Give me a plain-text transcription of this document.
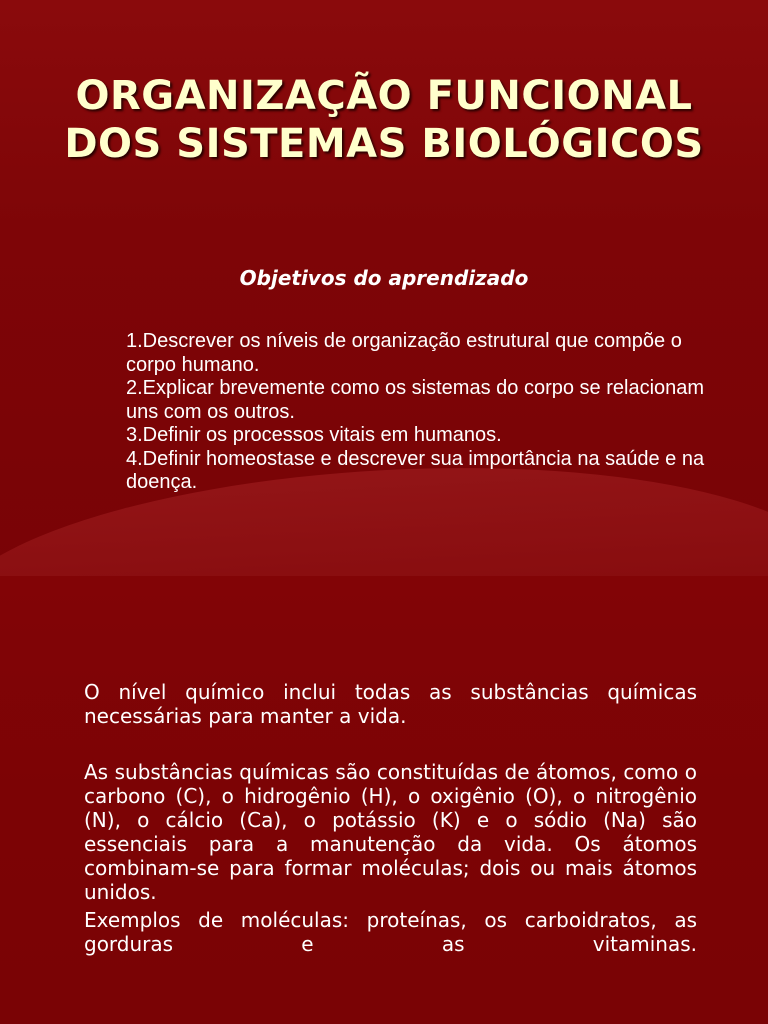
ORGANIZAÇÃO FUNCIONAL DOS SISTEMAS BIOLÓGICOS
Objetivos do aprendizado
1.Descrever os níveis de organização estrutural que compõe o corpo humano.
2.Explicar brevemente como os sistemas do corpo se relacionam uns com os outros.
3.Definir os processos vitais em humanos.
4.Definir homeostase e descrever sua importância na saúde e na doença.

O nível químico inclui todas as substâncias químicas necessárias para manter a vida.

As substâncias químicas são constituídas de átomos, como o carbono (C), o hidrogênio (H), o oxigênio (O), o nitrogênio (N), o cálcio (Ca), o potássio (K) e o sódio (Na) são essenciais para a manutenção da vida. Os átomos combinam-se para formar moléculas; dois ou mais átomos unidos.

Exemplos de moléculas: proteínas, os carboidratos, as gorduras e as vitaminas.
